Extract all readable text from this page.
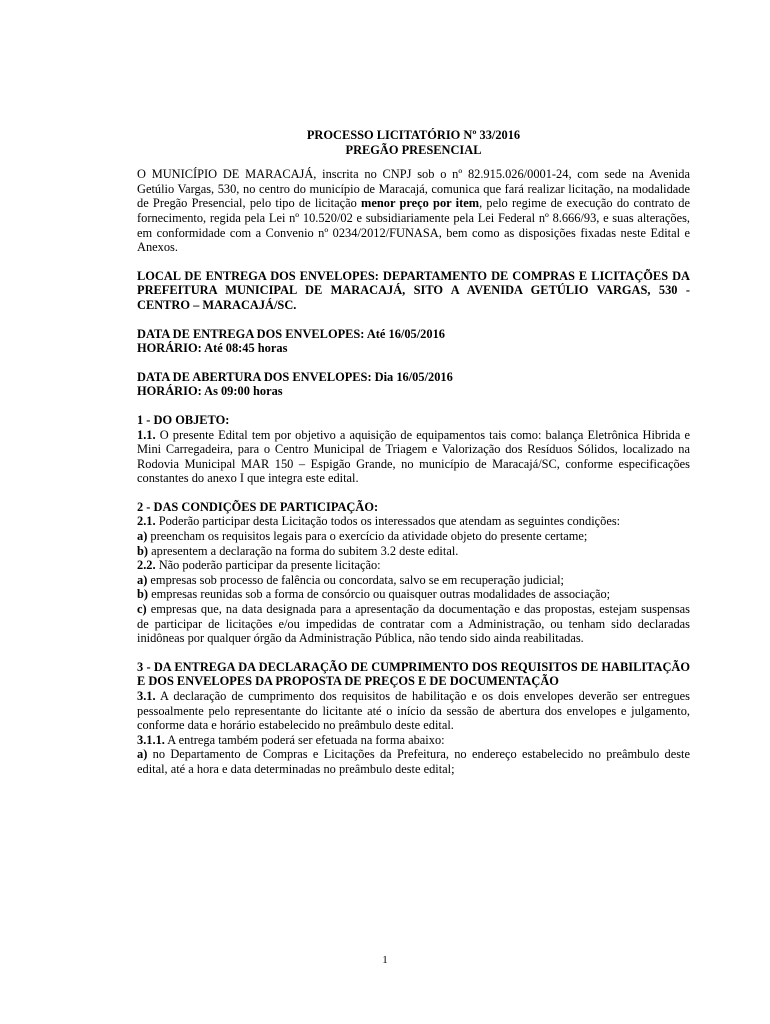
PROCESSO LICITATÓRIO Nº 33/2016

PREGÃO PRESENCIAL

O MUNICÍPIO DE MARACAJÁ, inscrita no CNPJ sob o nº 82.915.026/0001-24, com sede na Avenida Getúlio Vargas, 530, no centro do município de Maracajá, comunica que fará realizar licitação, na modalidade de Pregão Presencial, pelo tipo de licitação menor preço por item, pelo regime de execução do contrato de fornecimento, regida pela Lei nº 10.520/02 e subsidiariamente pela Lei Federal nº 8.666/93, e suas alterações, em conformidade com a Convenio nº 0234/2012/FUNASA, bem como as disposições fixadas neste Edital e Anexos.

LOCAL DE ENTREGA DOS ENVELOPES: DEPARTAMENTO DE COMPRAS E LICITAÇÕES DA PREFEITURA MUNICIPAL DE MARACAJÁ, SITO A AVENIDA GETÚLIO VARGAS, 530 - CENTRO – MARACAJÁ/SC.

DATA DE ENTREGA DOS ENVELOPES: Até 16/05/2016

HORÁRIO: Até 08:45 horas

DATA DE ABERTURA DOS ENVELOPES: Dia 16/05/2016

HORÁRIO: As 09:00 horas

1 - DO OBJETO:

1.1. O presente Edital tem por objetivo a aquisição de equipamentos tais como: balança Eletrônica Hibrida e Mini Carregadeira, para o Centro Municipal de Triagem e Valorização dos Resíduos Sólidos, localizado na Rodovia Municipal MAR 150 – Espigão Grande, no município de Maracajá/SC, conforme especificações constantes do anexo I que integra este edital.

2 - DAS CONDIÇÕES DE PARTICIPAÇÃO:

2.1. Poderão participar desta Licitação todos os interessados que atendam as seguintes condições:

a) preencham os requisitos legais para o exercício da atividade objeto do presente certame;

b) apresentem a declaração na forma do subitem 3.2 deste edital.

2.2. Não poderão participar da presente licitação:

a) empresas sob processo de falência ou concordata, salvo se em recuperação judicial;

b) empresas reunidas sob a forma de consórcio ou quaisquer outras modalidades de associação;

c) empresas que, na data designada para a apresentação da documentação e das propostas, estejam suspensas de participar de licitações e/ou impedidas de contratar com a Administração, ou tenham sido declaradas inidôneas por qualquer órgão da Administração Pública, não tendo sido ainda reabilitadas.

3 - DA ENTREGA DA DECLARAÇÃO DE CUMPRIMENTO DOS REQUISITOS DE HABILITAÇÃO E DOS ENVELOPES DA PROPOSTA DE PREÇOS E DE DOCUMENTAÇÃO

3.1. A declaração de cumprimento dos requisitos de habilitação e os dois envelopes deverão ser entregues pessoalmente pelo representante do licitante até o início da sessão de abertura dos envelopes e julgamento, conforme data e horário estabelecido no preâmbulo deste edital.

3.1.1. A entrega também poderá ser efetuada na forma abaixo:

a) no Departamento de Compras e Licitações da Prefeitura, no endereço estabelecido no preâmbulo deste edital, até a hora e data determinadas no preâmbulo deste edital;

1
